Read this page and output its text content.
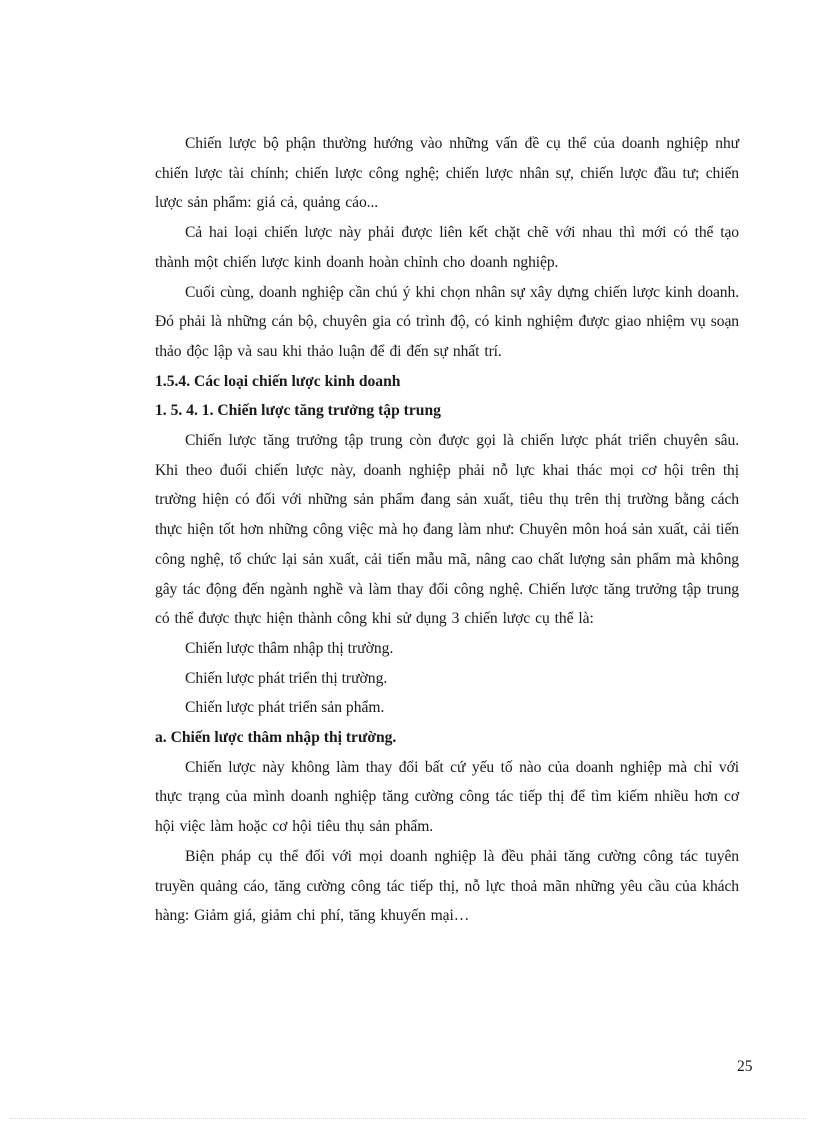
Chiến lược bộ phận thường hướng vào những vấn đề cụ thể của doanh nghiệp như chiến lược tài chính; chiến lược công nghệ; chiến lược nhân sự, chiến lược đầu tư; chiến lược sản phẩm: giá cả, quảng cáo...

Cả hai loại chiến lược này phải được liên kết chặt chẽ với nhau thì mới có thể tạo thành một chiến lược kinh doanh hoàn chỉnh cho doanh nghiệp.

Cuối cùng, doanh nghiệp cần chú ý khi chọn nhân sự xây dựng chiến lược kinh doanh. Đó phải là những cán bộ, chuyên gia có trình độ, có kinh nghiệm được giao nhiệm vụ soạn thảo độc lập và sau khi thảo luận để đi đến sự nhất trí.

1.5.4. Các loại chiến lược kinh doanh

1. 5. 4. 1. Chiến lược tăng trưởng tập trung

Chiến lược tăng trưởng tập trung còn được gọi là chiến lược phát triển chuyên sâu. Khi theo đuổi chiến lược này, doanh nghiệp phải nỗ lực khai thác mọi cơ hội trên thị trường hiện có đối với những sản phẩm đang sản xuất, tiêu thụ trên thị trường bằng cách thực hiện tốt hơn những công việc mà họ đang làm như: Chuyên môn hoá sản xuất, cải tiến công nghệ, tổ chức lại sản xuất, cải tiến mẫu mã, nâng cao chất lượng sản phẩm mà không gây tác động đến ngành nghề và làm thay đổi công nghệ. Chiến lược tăng trưởng tập trung có thể được thực hiện thành công khi sử dụng 3 chiến lược cụ thể là:

Chiến lược thâm nhập thị trường.

Chiến lược phát triển thị trường.

Chiến lược phát triển sản phẩm.

a. Chiến lược thâm nhập thị trường.

Chiến lược này không làm thay đổi bất cứ yếu tố nào của doanh nghiệp mà chỉ với thực trạng của mình doanh nghiệp tăng cường công tác tiếp thị để tìm kiếm nhiều hơn cơ hội việc làm hoặc cơ hội tiêu thụ sản phẩm.

Biện pháp cụ thể đối với mọi doanh nghiệp là đều phải tăng cường công tác tuyên truyền quảng cáo, tăng cường công tác tiếp thị, nỗ lực thoả mãn những yêu cầu của khách hàng: Giảm giá, giảm chi phí, tăng khuyến mại…

25
